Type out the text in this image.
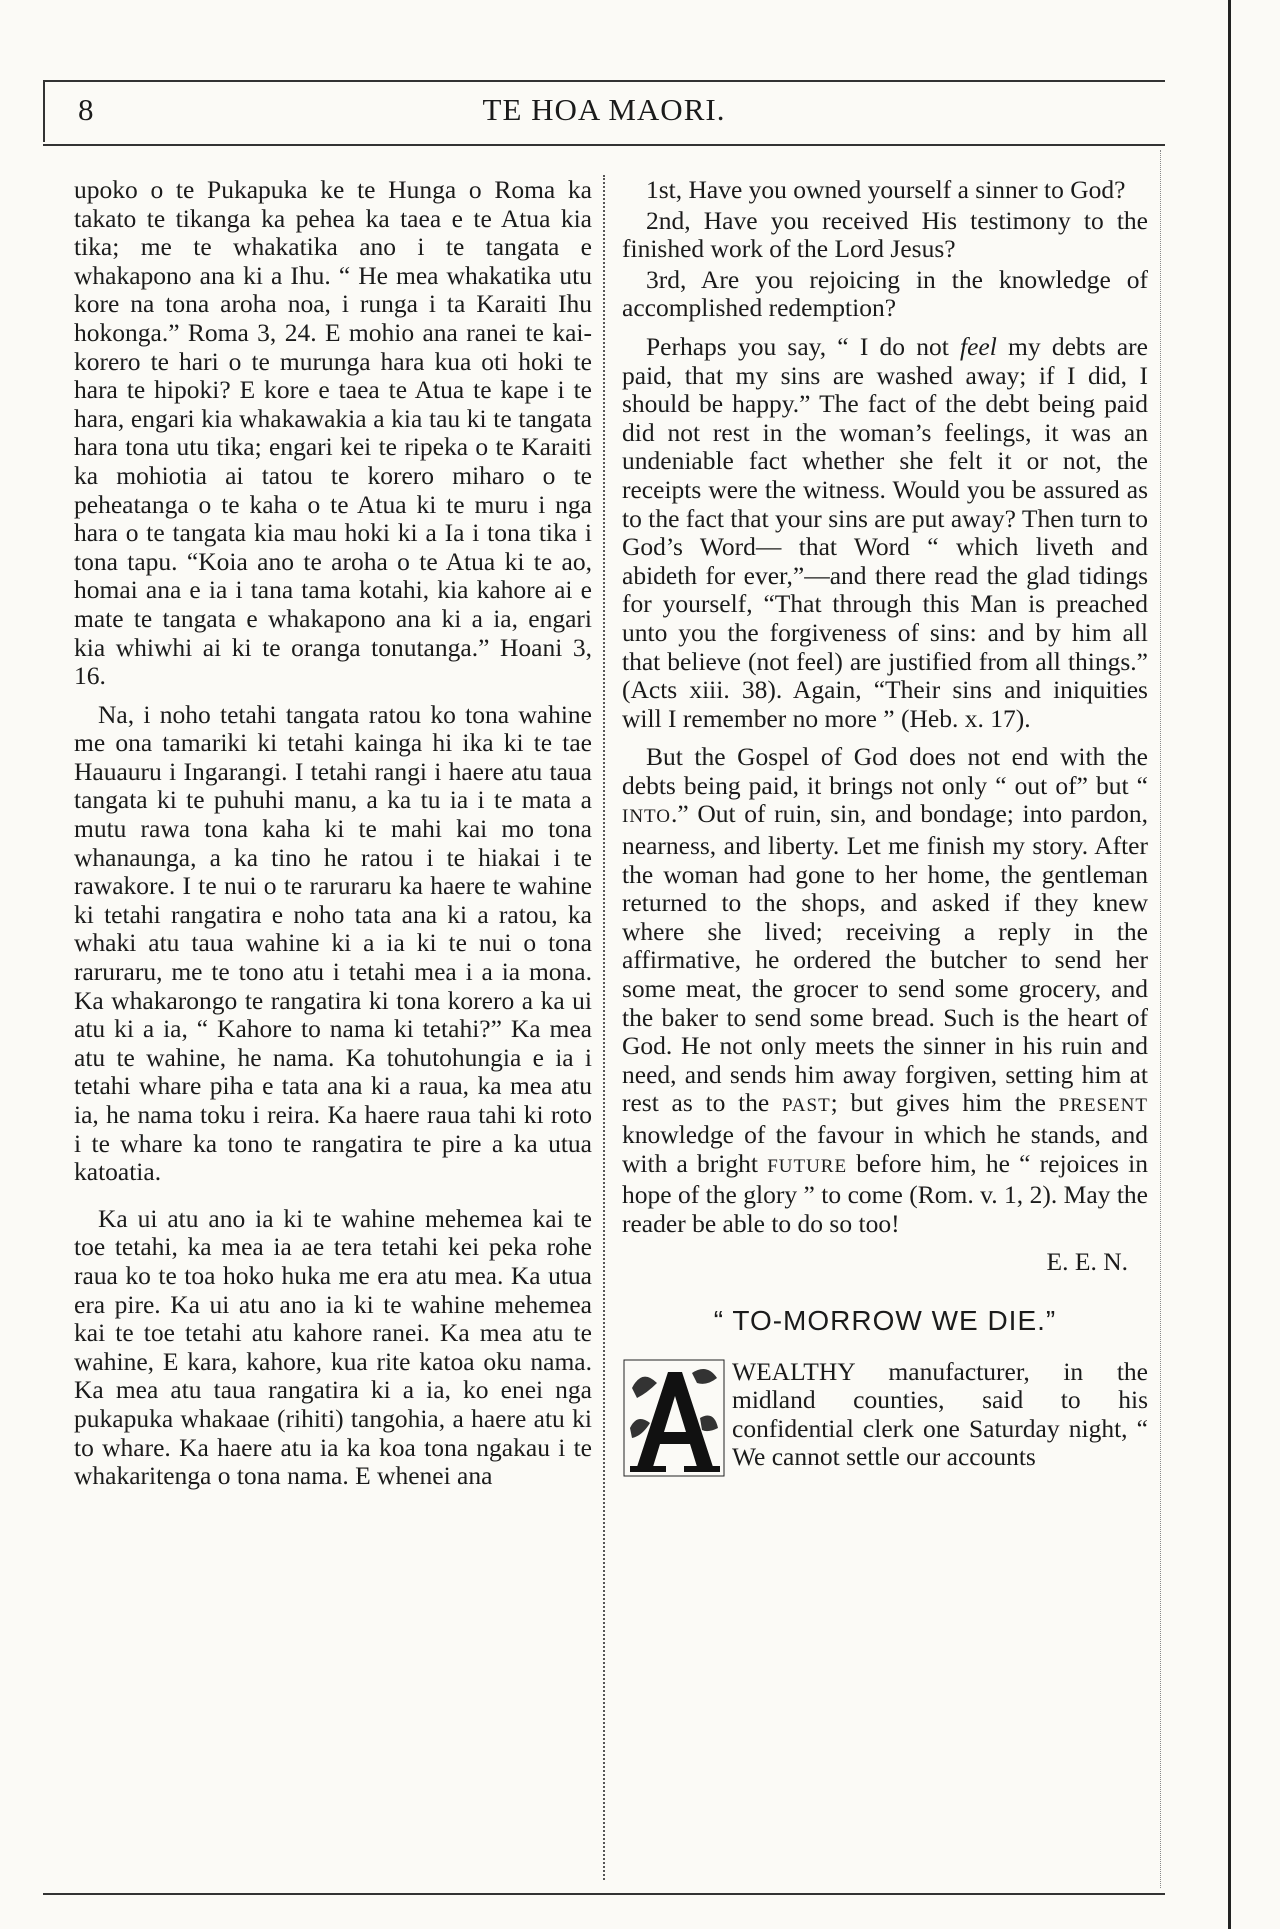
8	TE HOA MAORI.

upoko o te Pukapuka ke te Hunga o Roma ka takato te tikanga ka pehea ka taea e te Atua kia tika; me te whakatika ano i te tangata e whakapono ana ki a Ihu. “ He mea whakatika utu kore na tona aroha noa, i runga i ta Karaiti Ihu hokonga.” Roma 3, 24. E mohio ana ranei te kai-korero te hari o te murunga hara kua oti hoki te hara te hipoki? E kore e taea te Atua te kape i te hara, engari kia whakawakia a kia tau ki te tangata hara tona utu tika; engari kei te ripeka o te Karaiti ka mohiotia ai tatou te korero miharo o te peheatanga o te kaha o te Atua ki te muru i nga hara o te tangata kia mau hoki ki a Ia i tona tika i tona tapu. “Koia ano te aroha o te Atua ki te ao, homai ana e ia i tana tama kotahi, kia kahore ai e mate te tangata e whakapono ana ki a ia, engari kia whiwhi ai ki te oranga tonutanga.” Hoani 3, 16.

Na, i noho tetahi tangata ratou ko tona wahine me ona tamariki ki tetahi kainga hi ika ki te tae Hauauru i Ingarangi. I tetahi rangi i haere atu taua tangata ki te puhuhi manu, a ka tu ia i te mata a mutu rawa tona kaha ki te mahi kai mo tona whanaunga, a ka tino he ratou i te hiakai i te rawakore. I te nui o te raruraru ka haere te wahine ki tetahi rangatira e noho tata ana ki a ratou, ka whaki atu taua wahine ki a ia ki te nui o tona raruraru, me te tono atu i tetahi mea i a ia mona. Ka whakarongo te rangatira ki tona korero a ka ui atu ki a ia, “ Kahore to nama ki tetahi?” Ka mea atu te wahine, he nama. Ka tohutohungia e ia i tetahi whare piha e tata ana ki a raua, ka mea atu ia, he nama toku i reira. Ka haere raua tahi ki roto i te whare ka tono te rangatira te pire a ka utua katoatia.

Ka ui atu ano ia ki te wahine mehemea kai te toe tetahi, ka mea ia ae tera tetahi kei peka rohe raua ko te toa hoko huka me era atu mea. Ka utua era pire. Ka ui atu ano ia ki te wahine mehemea kai te toe tetahi atu kahore ranei. Ka mea atu te wahine, E kara, kahore, kua rite katoa oku nama. Ka mea atu taua rangatira ki a ia, ko enei nga pukapuka whakaae (rihiti) tangohia, a haere atu ki to whare. Ka haere atu ia ka koa tona ngakau i te whakaritenga o tona nama. E whenei ana

1st, Have you owned yourself a sinner to God?

2nd, Have you received His testimony to the finished work of the Lord Jesus?

3rd, Are you rejoicing in the knowledge of accomplished redemption?

Perhaps you say, “ I do not feel my debts are paid, that my sins are washed away; if I did, I should be happy.” The fact of the debt being paid did not rest in the woman’s feelings, it was an undeniable fact whether she felt it or not, the receipts were the witness. Would you be assured as to the fact that your sins are put away? Then turn to God’s Word— that Word “ which liveth and abideth for ever,”—and there read the glad tidings for yourself, “That through this Man is preached unto you the forgiveness of sins: and by him all that believe (not feel) are justified from all things.” (Acts xiii. 38). Again, “Their sins and iniquities will I remember no more ” (Heb. x. 17).

But the Gospel of God does not end with the debts being paid, it brings not only “ out of” but “ INTO.” Out of ruin, sin, and bondage; into pardon, nearness, and liberty. Let me finish my story. After the woman had gone to her home, the gentleman returned to the shops, and asked if they knew where she lived; receiving a reply in the affirmative, he ordered the butcher to send her some meat, the grocer to send some grocery, and the baker to send some bread. Such is the heart of God. He not only meets the sinner in his ruin and need, and sends him away forgiven, setting him at rest as to the PAST; but gives him the PRESENT knowledge of the favour in which he stands, and with a bright FUTURE before him, he “ rejoices in hope of the glory ” to come (Rom. v. 1, 2). May the reader be able to do so too!

E. E. N.

“ TO-MORROW WE DIE.”

WEALTHY manufacturer, in the midland counties, said to his confidential clerk one Saturday night, “ We cannot settle our accounts
